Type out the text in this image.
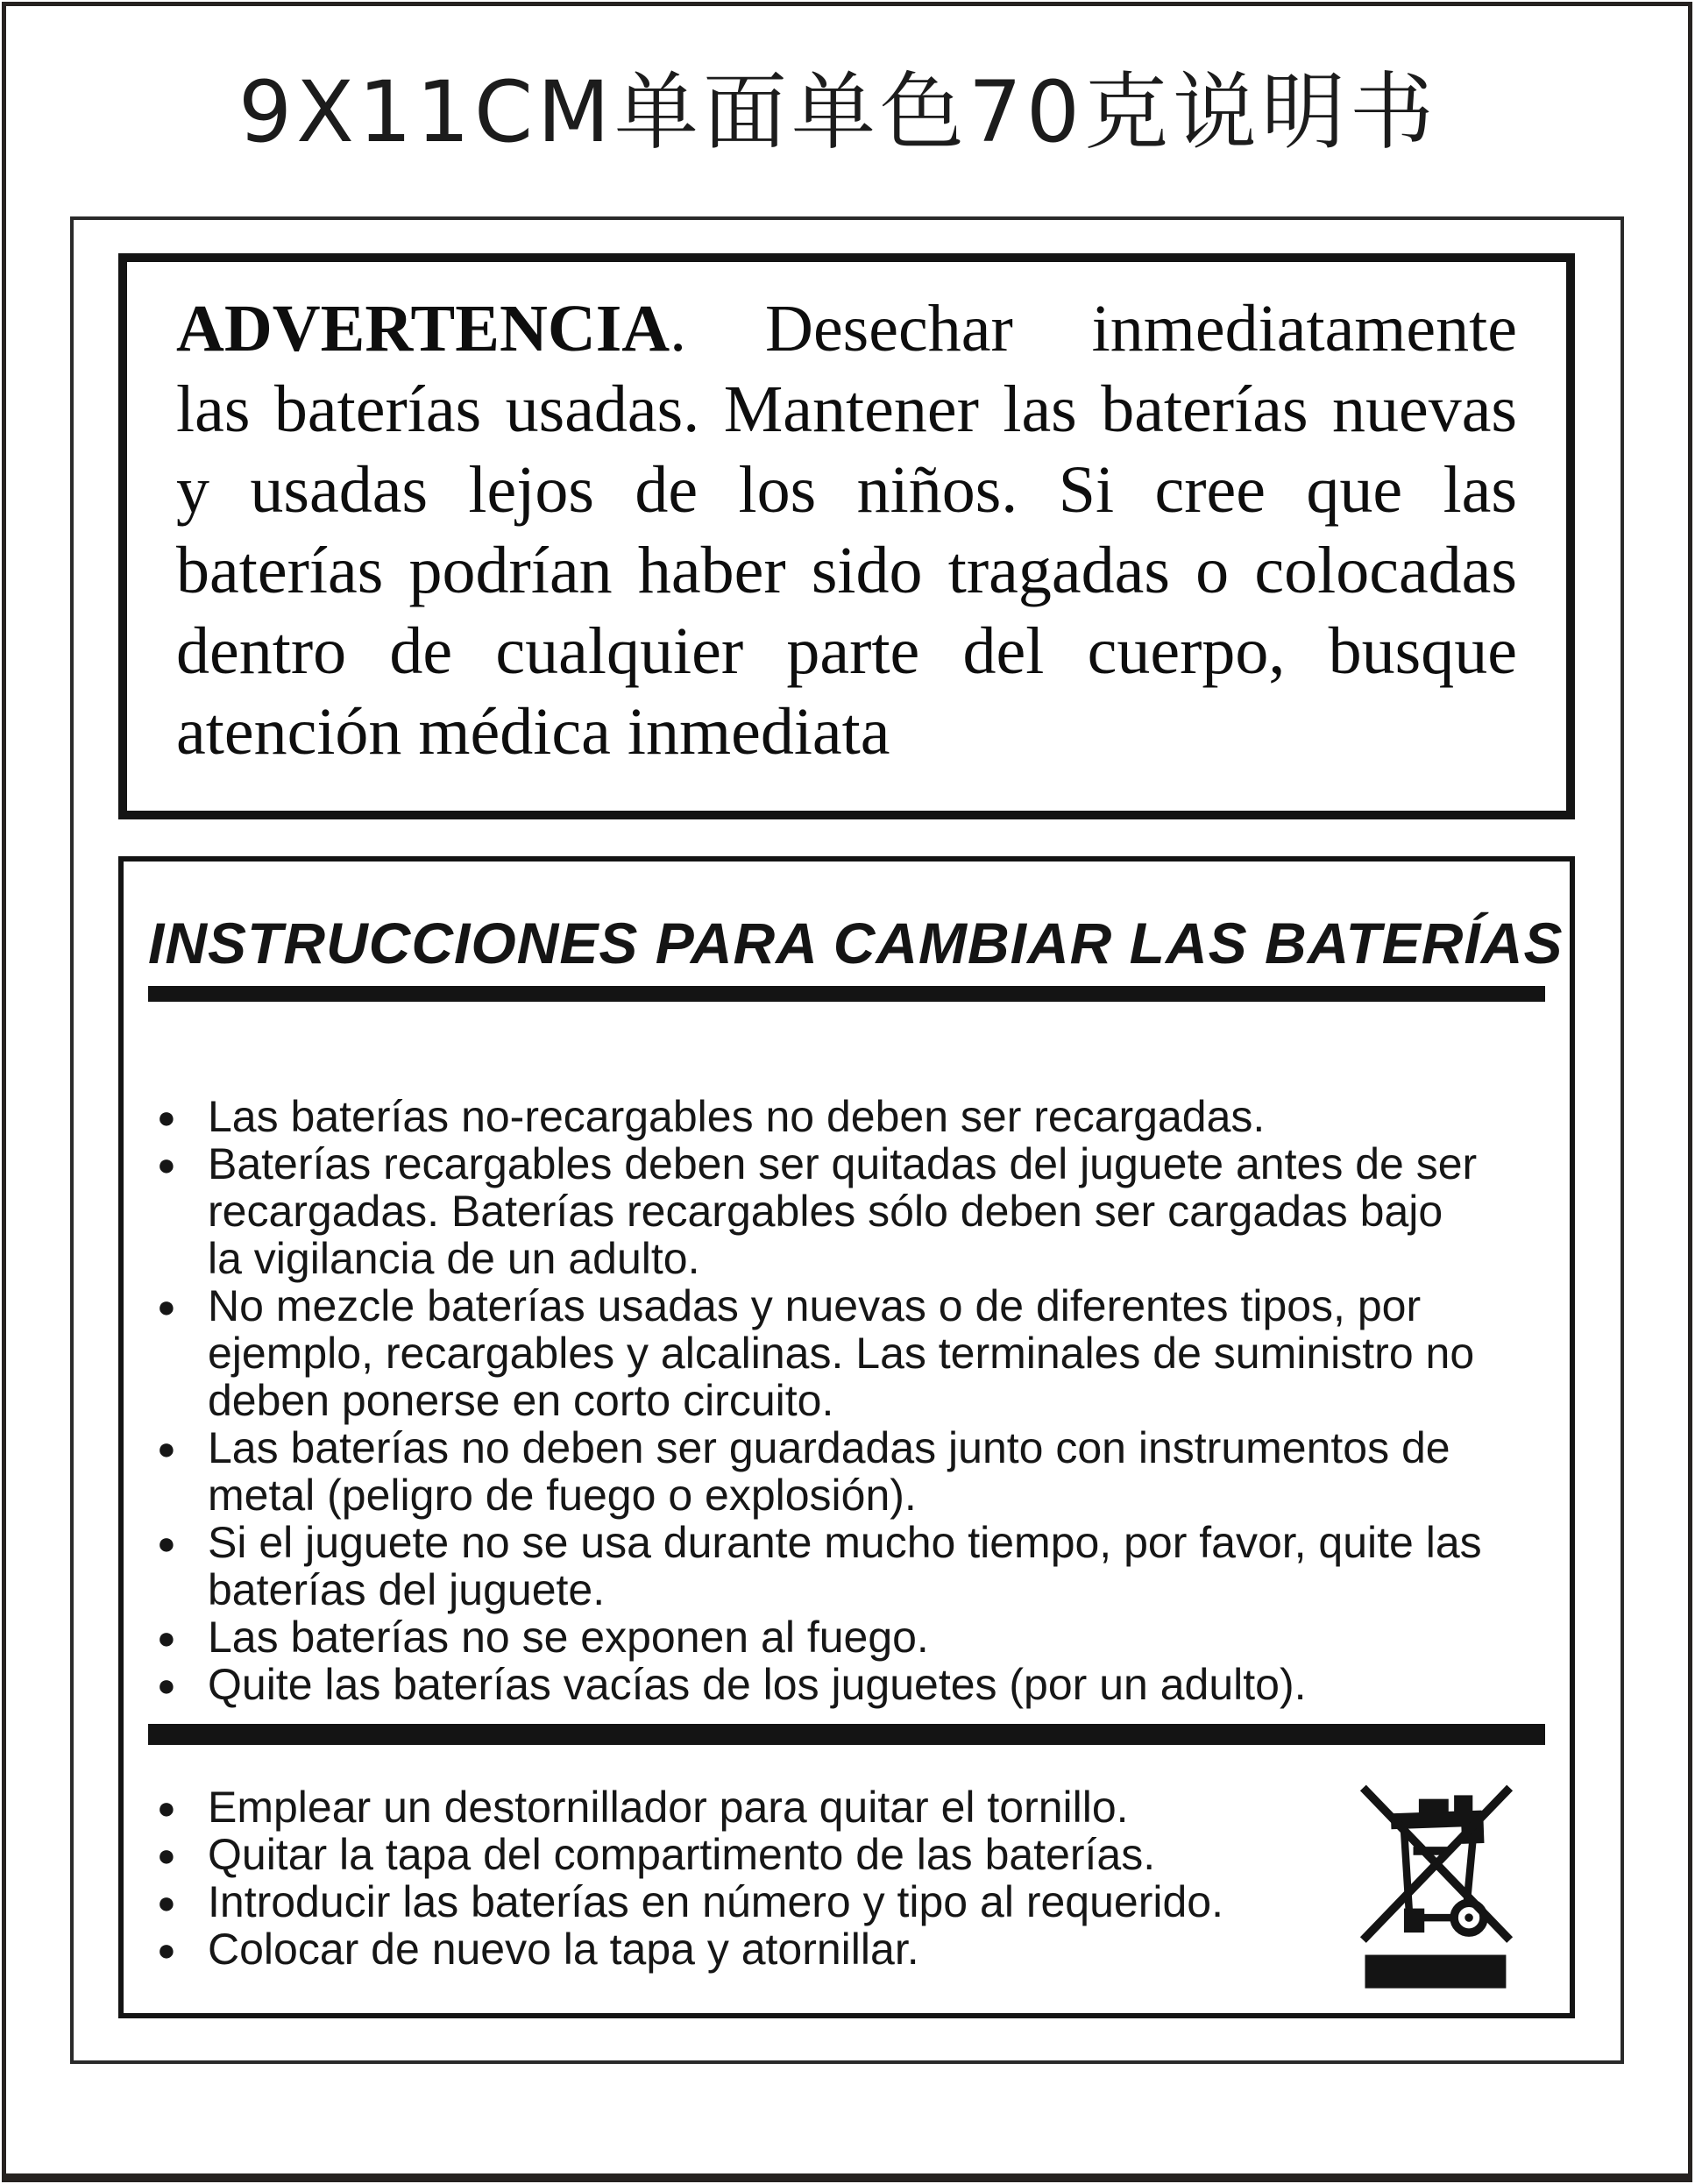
9X11CM单面单色70克说明书
ADVERTENCIA. Desechar inmediatamente
las baterías usadas. Mantener las baterías nuevas
y usadas lejos de los niños. Si cree que las
baterías podrían haber sido tragadas o colocadas
dentro de cualquier parte del cuerpo, busque
atención médica inmediata
INSTRUCCIONES PARA CAMBIAR LAS BATERÍAS
● Las baterías no-recargables no deben ser recargadas.
● Baterías recargables deben ser quitadas del juguete antes de ser recargadas. Baterías recargables sólo deben ser cargadas bajo la vigilancia de un adulto.
● No mezcle baterías usadas y nuevas o de diferentes tipos, por ejemplo, recargables y alcalinas. Las terminales de suministro no deben ponerse en corto circuito.
● Las baterías no deben ser guardadas junto con instrumentos de metal (peligro de fuego o explosión).
● Si el juguete no se usa durante mucho tiempo, por favor, quite las baterías del juguete.
● Las baterías no se exponen al fuego.
● Quite las baterías vacías de los juguetes (por un adulto).
● Emplear un destornillador para quitar el tornillo.
● Quitar la tapa del compartimento de las baterías.
● Introducir las baterías en número y tipo al requerido.
● Colocar de nuevo la tapa y atornillar.
